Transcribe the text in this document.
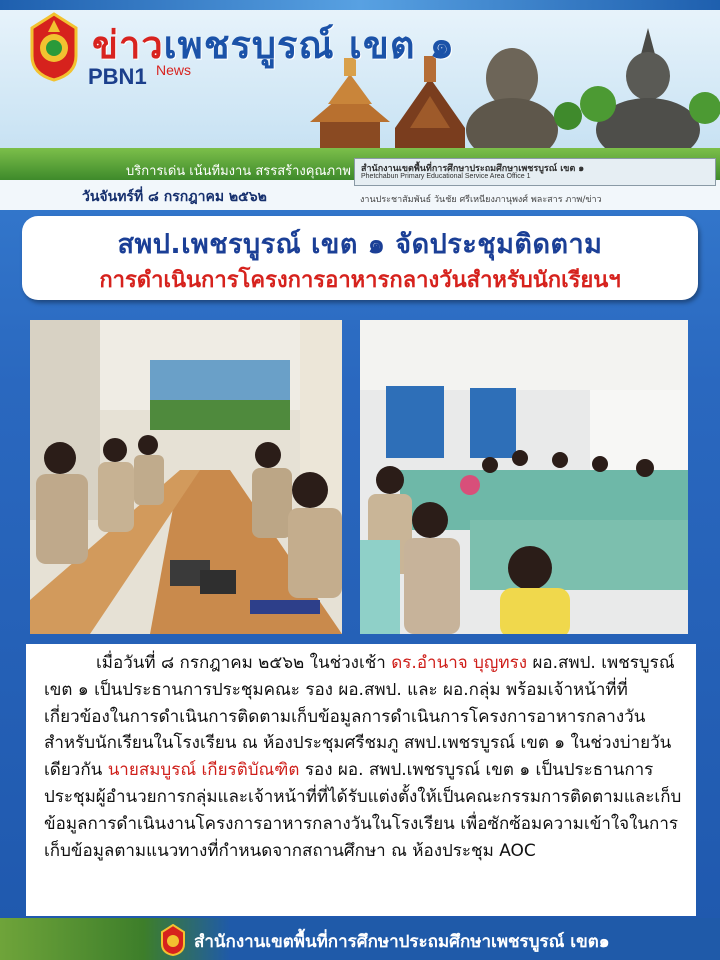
ข่าวเพชรบูรณ์ เขต ๑
PBN1 News
บริการเด่น เน้นทีมงาน สรรสร้างคุณภาพ
วันจันทร์ที่ ๘ กรกฎาคม ๒๕๖๒
สำนักงานเขตพื้นที่การศึกษาประถมศึกษาเพชรบูรณ์ เขต ๑
Phetchabun Primary Educational Service Area Office 1
งานประชาสัมพันธ์ วันชัย ศรีเหนียงภานุพงศ์ พละสาร ภาพ/ข่าว
สพป.เพชรบูรณ์ เขต ๑ จัดประชุมติดตาม
การดำเนินการโครงการอาหารกลางวันสำหรับนักเรียนฯ
เมื่อวันที่ ๘ กรกฎาคม ๒๕๖๒ ในช่วงเช้า ดร.อำนาจ บุญทรง ผอ.สพป. เพชรบูรณ์ เขต ๑ เป็นประธานการประชุมคณะ รอง ผอ.สพป. และ ผอ.กลุ่ม พร้อมเจ้าหน้าที่ที่เกี่ยวข้องในการดำเนินการติดตามเก็บข้อมูลการดำเนินการโครงการอาหารกลางวันสำหรับนักเรียนในโรงเรียน ณ ห้องประชุมศรีชมภู สพป.เพชรบูรณ์ เขต ๑ ในช่วงบ่ายวันเดียวกัน นายสมบูรณ์ เกียรติบัณฑิต รอง ผอ. สพป.เพชรบูรณ์ เขต ๑ เป็นประธานการประชุมผู้อำนวยการกลุ่มและเจ้าหน้าที่ที่ได้รับแต่งตั้งให้เป็นคณะกรรมการติดตามและเก็บข้อมูลการดำเนินงานโครงการอาหารกลางวันในโรงเรียน เพื่อซักซ้อมความเข้าใจในการเก็บข้อมูลตามแนวทางที่กำหนดจากสถานศึกษา ณ ห้องประชุม AOC
สำนักงานเขตพื้นที่การศึกษาประถมศึกษาเพชรบูรณ์ เขต๑
